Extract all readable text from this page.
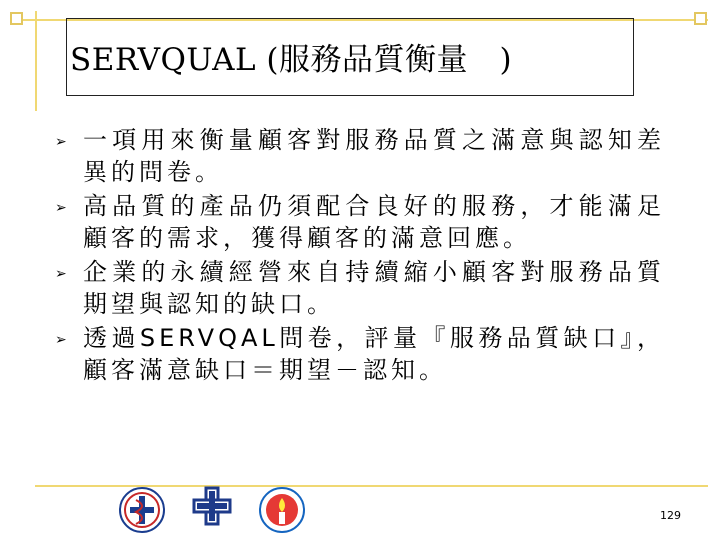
SERVQUAL (服務品質衡量　)
➢ 一項用來衡量顧客對服務品質之滿意與認知差異的問卷。
➢ 高品質的產品仍須配合良好的服務，才能滿足顧客的需求，獲得顧客的滿意回應。
➢ 企業的永續經營來自持續縮小顧客對服務品質期望與認知的缺口。
➢ 透過SERVQAL問卷，評量『服務品質缺口』，顧客滿意缺口＝期望－認知。
129
